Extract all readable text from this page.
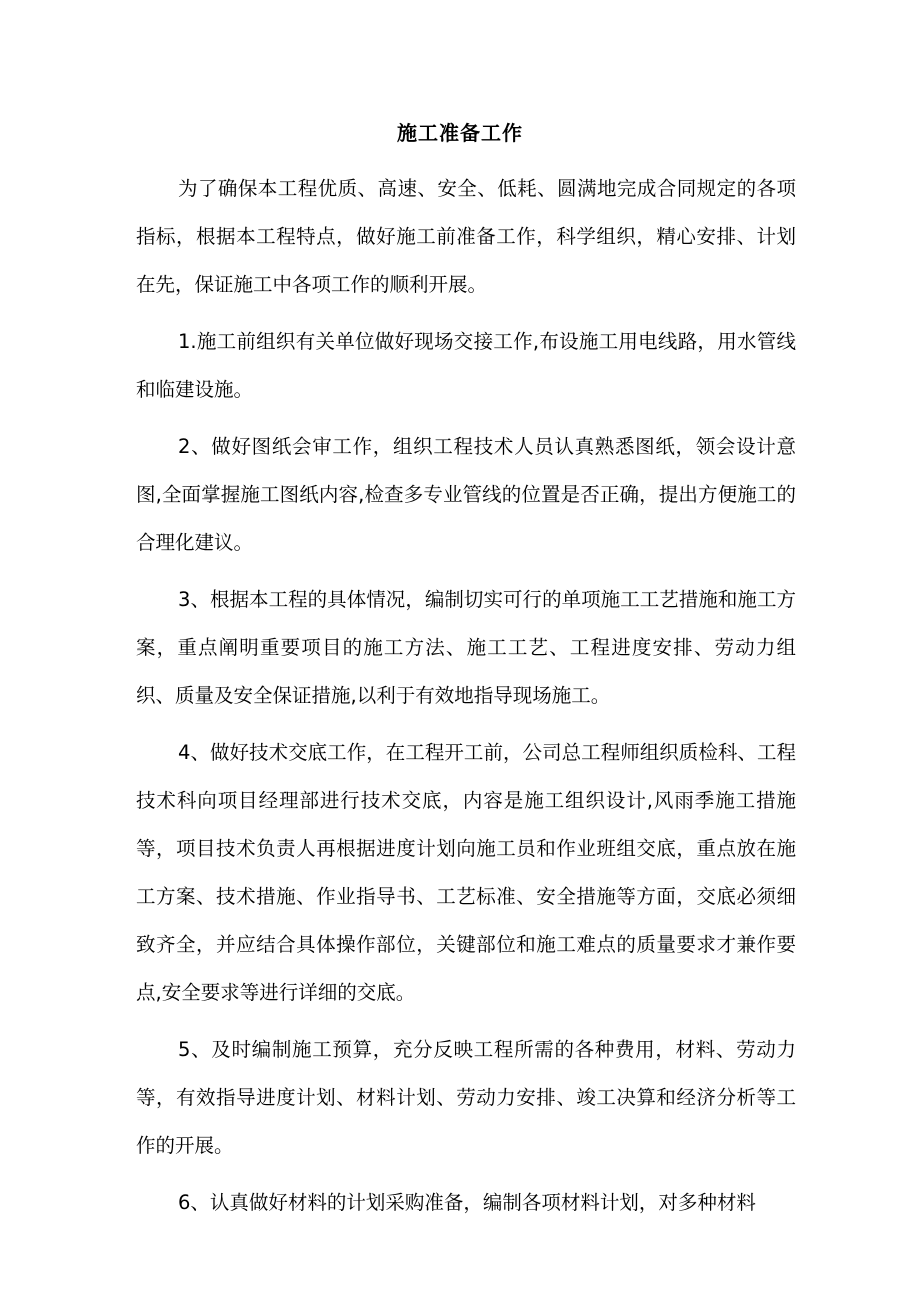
施工准备工作

为了确保本工程优质、高速、安全、低耗、圆满地完成合同规定的各项指标，根据本工程特点，做好施工前准备工作，科学组织，精心安排、计划在先，保证施工中各项工作的顺利开展。

1.施工前组织有关单位做好现场交接工作,布设施工用电线路，用水管线和临建设施。

2、做好图纸会审工作，组织工程技术人员认真熟悉图纸，领会设计意图,全面掌握施工图纸内容,检查多专业管线的位置是否正确，提出方便施工的合理化建议。

3、根据本工程的具体情况，编制切实可行的单项施工工艺措施和施工方案，重点阐明重要项目的施工方法、施工工艺、工程进度安排、劳动力组织、质量及安全保证措施,以利于有效地指导现场施工。

4、做好技术交底工作，在工程开工前，公司总工程师组织质检科、工程技术科向项目经理部进行技术交底，内容是施工组织设计,风雨季施工措施等，项目技术负责人再根据进度计划向施工员和作业班组交底，重点放在施工方案、技术措施、作业指导书、工艺标准、安全措施等方面，交底必须细致齐全，并应结合具体操作部位，关键部位和施工难点的质量要求才兼作要点,安全要求等进行详细的交底。

5、及时编制施工预算，充分反映工程所需的各种费用，材料、劳动力等，有效指导进度计划、材料计划、劳动力安排、竣工决算和经济分析等工作的开展。

6、认真做好材料的计划采购准备，编制各项材料计划，对多种材料
